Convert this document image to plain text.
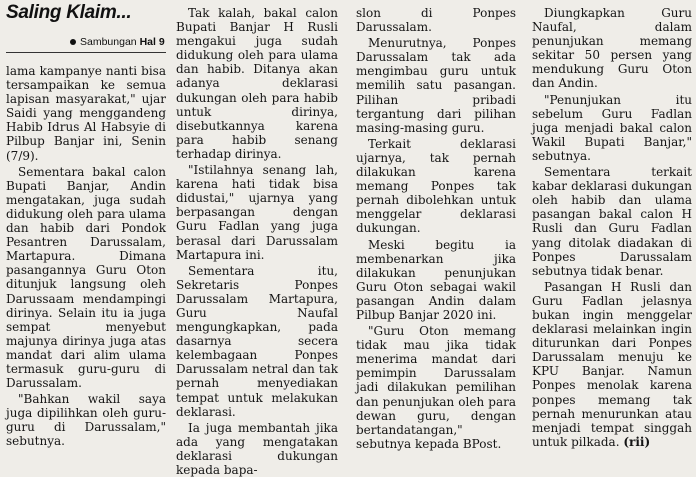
Saling Klaim...
Sambungan Hal 9

lama kampanye nanti bisa tersampaikan ke semua lapisan masyarakat," ujar Saidi yang menggandeng Habib Idrus Al Habsyie di Pilbup Banjar ini, Senin (7/9).

Sementara bakal calon Bupati Banjar, Andin mengatakan, juga sudah didukung oleh para ulama dan habib dari Pondok Pesantren Darussalam, Martapura. Dimana pasangannya Guru Oton ditunjuk langsung oleh Darussaam mendampingi dirinya. Selain itu ia juga sempat menyebut majunya dirinya juga atas mandat dari alim ulama termasuk guru-guru di Darussalam.

"Bahkan wakil saya juga dipilihkan oleh guru-guru di Darussalam," sebutnya.

Tak kalah, bakal calon Bupati Banjar H Rusli mengakui juga sudah didukung oleh para ulama dan habib. Ditanya akan adanya deklarasi dukungan oleh para habib untuk dirinya, disebutkannya karena para habib senang terhadap dirinya.

"Istilahnya senang lah, karena hati tidak bisa didustai," ujarnya yang berpasangan dengan Guru Fadlan yang juga berasal dari Darussalam Martapura ini.

Sementara itu, Sekretaris Ponpes Darussalam Martapura, Guru Naufal mengungkapkan, pada dasarnya secera kelembagaan Ponpes Darussalam netral dan tak pernah menyediakan tempat untuk melakukan deklarasi.

Ia juga membantah jika ada yang mengatakan deklarasi dukungan kepada bapa-

slon di Ponpes Darussalam.

Menurutnya, Ponpes Darussalam tak ada mengimbau guru untuk memilih satu pasangan. Pilihan pribadi tergantung dari pilihan masing-masing guru.

Terkait deklarasi ujarnya, tak pernah dilakukan karena memang Ponpes tak pernah dibolehkan untuk menggelar deklarasi dukungan.

Meski begitu ia membenarkan jika dilakukan penunjukan Guru Oton sebagai wakil pasangan Andin dalam Pilbup Banjar 2020 ini.

"Guru Oton memang tidak mau jika tidak menerima mandat dari pemimpin Darussalam jadi dilakukan pemilihan dan penunjukan oleh para dewan guru, dengan bertandatangan," sebutnya kepada BPost.

Diungkapkan Guru Naufal, dalam penunjukan memang sekitar 50 persen yang mendukung Guru Oton dan Andin.

"Penunjukan itu sebelum Guru Fadlan juga menjadi bakal calon Wakil Bupati Banjar," sebutnya.

Sementara terkait kabar deklarasi dukungan oleh habib dan ulama pasangan bakal calon H Rusli dan Guru Fadlan yang ditolak diadakan di Ponpes Darussalam sebutnya tidak benar.

Pasangan H Rusli dan Guru Fadlan jelasnya bukan ingin menggelar deklarasi melainkan ingin diturunkan dari Ponpes Darussalam menuju ke KPU Banjar. Namun Ponpes menolak karena ponpes memang tak pernah menurunkan atau menjadi tempat singgah untuk pilkada. (rii)
